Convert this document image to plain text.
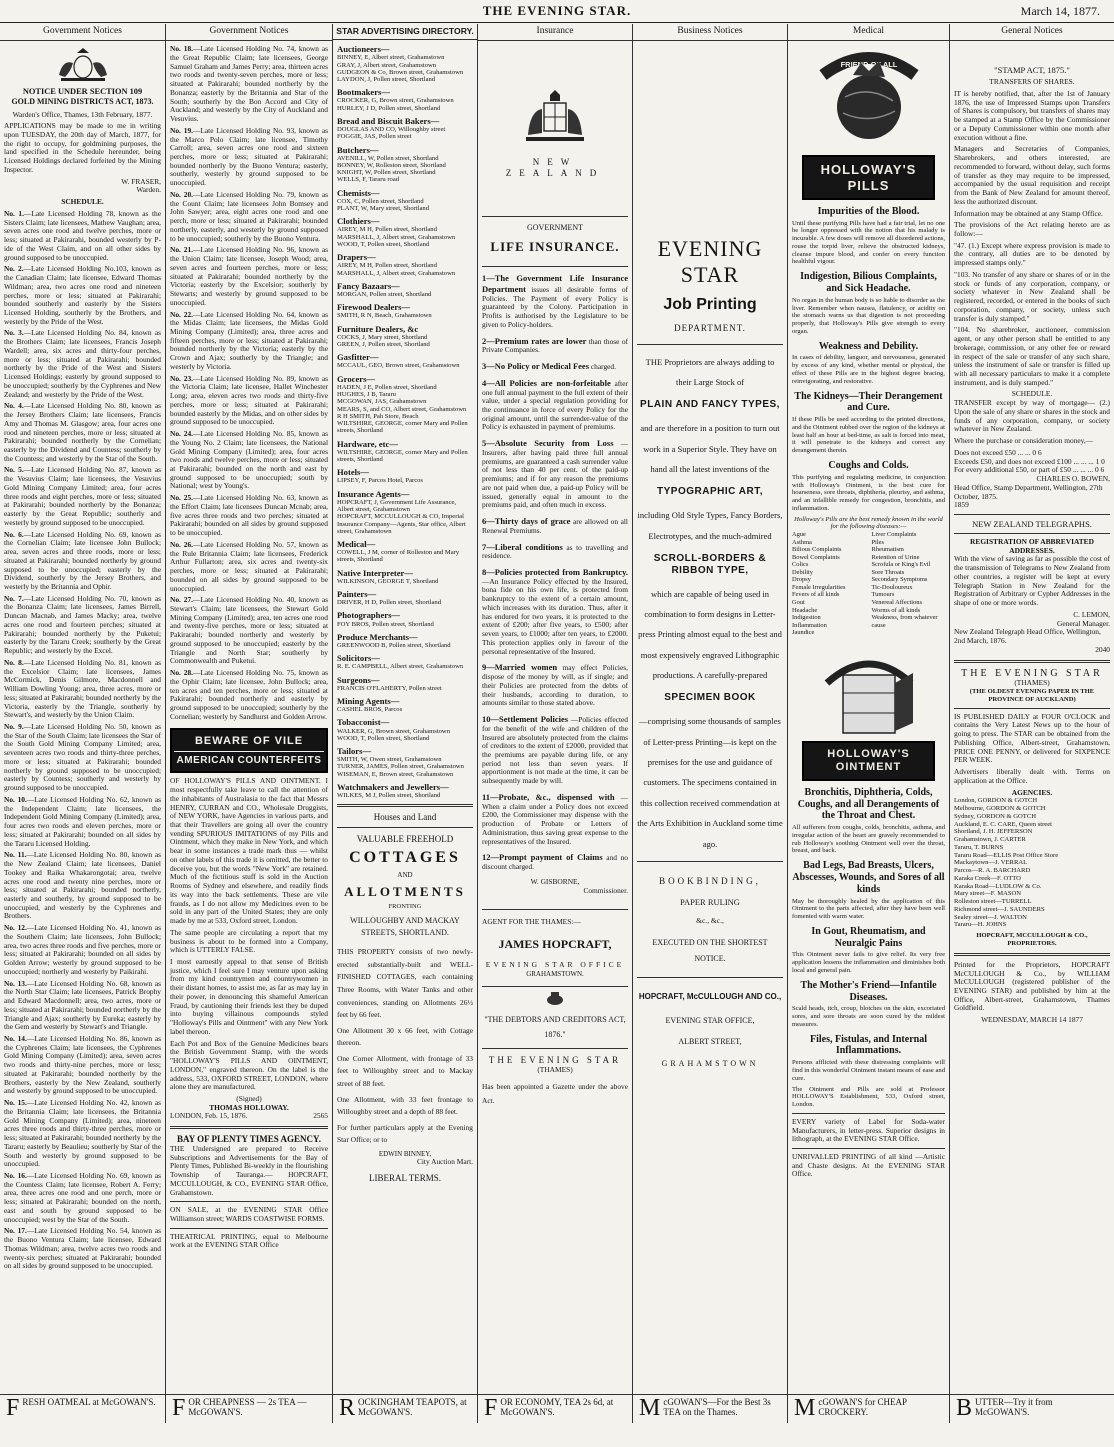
THE EVENING STAR.	March 14, 1877.
Government Notices
NOTICE UNDER SECTION 109
GOLD MINING DISTRICTS ACT, 1873.
Warden's Office, Thames, 13th February, 1877.

APPLICATIONS may be made to me in writing upon TUESDAY, the 20th day of March, 1877, for the right to occupy, for goldmining purposes, the land specified in the Schedule hereunder, being Licensed Holdings declared forfeited by the Mining Inspector.

W. FRASER,
Warden.
SCHEDULE.

No. 1.—Late Licensed Holding 78, known as the Sisters Claim; late licensees, Mathew Vaughan; area, seven acres one rood and twelve perches, more or less; situated at Pakirarahi, bounded westerly by P-ide of the West Claim, and on all other sides by ground supposed to be unoccupied.

No. 2.—Late Licensed Holding No.103, known as the Canadian Claim; late licensee, Edward Thomas Wildman; area, two acres one rood and nineteen perches, more or less; situated at Pakirarahi; bounded southerly and easterly by the Sisters Licensed Holding, southerly by the Brothers, and westerly by the Pride of the West.

No. 3.—Late Licensed Holding No. 84, known as the Brothers Claim; late licensees, Francis Joseph Wardell; area, six acres and thirty-four perches, more or less; situated at Pakirarahi; bounded northerly by the Pride of the West and Sisters Licensed Holdings; easterly by ground supposed to be unoccupied; southerly by the Cyphrenes and New Zealand; and westerly by the Pride of the West.

No. 4.—Late Licensed Holding No. 80, known as the Jersey Brothers Claim; late licensees, Francis Amy and Thomas M. Glasgow; area, four acres one rood and nineteen perches, more or less; situated at Pakirarahi; bounded northerly by the Cornelian; easterly by the Dividend and Countess; southerly by the Countess; and westerly by the Star of the South.

No. 5.—Late Licensed Holding No. 87, known as the Vesuvius Claim; late licensees, the Vesuvius Gold Mining Company Limited; area, four acres three roods and eight perches, more or less; situated at Pakirarahi; bounded northerly by the Bonanza; easterly by the Great Republic; southerly and westerly by ground supposed to be unoccupied.

No. 6.—Late Licensed Holding No. 69, known as the Cornelian Claim; late licensee John Bullock; area, seven acres and three roods, more or less; situated at Pakirarahi; bounded northerly by ground supposed to be unoccupied; easterly by the Dividend, southerly by the Jersey Brothers, and westerly by the Britannia and Ophir.

No. 7.—Late Licensed Holding No. 70, known as the Bonanza Claim; late licensees, James Birrell, Duncan Macnab, and James Macky; area, twelve acres one rood and fourteen perches; situated at Pakirarahi; bounded northerly by the Puketui; easterly by the Tararu Creek; southerly by the Great Republic; and westerly by the Excel.

No. 8.—Late Licensed Holding No. 81, known as the Excelsior Claim; late licensees, James McCormick, Denis Gilmore, Macdonnell and William Dowling Young; area, three acres, more or less; situated at Pakirarahi; bounded northerly by the Victoria, easterly by the Triangle, southerly by Stewart's, and westerly by the Union Claim.

No. 9.—Late Licensed Holding No. 50, known as the Star of the South Claim; late licensees the Star of the South Gold Mining Company Limited; area, seventeen acres two roods and thirty-three perches, more or less; situated at Pakirarahi; bounded northerly by ground supposed to be unoccupied; easterly by Countess; southerly and westerly by ground supposed to be unoccupied.

No. 10.—Late Licensed Holding No. 62, known as the Independent Claim; late licensees, the Independent Gold Mining Company (Limited); area, four acres two roods and eleven perches, more or less; situated at Pakirarahi; bounded on all sides by the Tararu Licensed Holding.

No. 11.—Late Licensed Holding No. 80, known as the New Zealand Claim; late licensees, Daniel Tookey and Raika Whakarongotai; area, twelve acres one rood and twenty nine perches, more or less; situated at Pakirarahi; bounded northerly, easterly and southerly, by ground supposed to be unoccupied, and westerly by the Cyphrenes and Brothers.

No. 12.—Late Licensed Holding No. 41, known as the Southern Claim; late licensees, John Bullock; area, two acres three roods and five perches, more or less; situated at Pakirarahi; bounded on all sides by Golden Arrow; westerly by ground supposed to be unoccupied; northerly and westerly by Paikirahi.

No. 13.—Late Licensed Holding No. 68, known as the North Star Claim; late licensees, Patrick Brophy and Edward Macdonnell; area, two acres, more or less; situated at Pakirarahi; bounded northerly by the Triangle and Ajax; southerly by Eureka; easterly by the Gem and westerly by Stewart's and Triangle.

No. 14.—Late Licensed Holding No. 86, known as the Cyphrenes Claim; late licensees, the Cyphrenes Gold Mining Company (Limited); area, seven acres two roods and thirty-nine perches, more or less; situated at Pakirarahi; bounded northerly by the Brothers, easterly by the New Zealand, southerly and westerly by ground supposed to be unoccupied.

No. 15.—Late Licensed Holding No. 42, known as the Britannia Claim; late licensees, the Britannia Gold Mining Company (Limited); area, nineteen acres three roods and thirty-three perches, more or less; situated at Pakirarahi; bounded northerly by the Tararu; easterly by Beaulieu; southerly by Star of the South and westerly by ground supposed to be unoccupied.

No. 16.—Late Licensed Holding No. 69, known as the Countess Claim; late licensee, Robert A. Ferry; area, three acres one rood and one perch, more or less; situated at Pakirarahi; bounded on the north, east and south by ground supposed to be unoccupied; west by the Star of the South.

No. 17.—Late Licensed Holding No. 54, known as the Buono Ventura Claim; late licensee, Edward Thomas Wildman; area, twelve acres two roods and twenty-six perches; situated at Pakirarahi; bounded on all sides by ground supposed to be unoccupied.

Government Notices

No. 18.—Late Licensed Holding No. 74, known as the Great Republic Claim; late licensees, George Samuel Graham and James Perry; area, thirteen acres two roods and twenty-seven perches, more or less; situated at Pakirarahi; bounded northerly by the Bonanza; easterly by the Britannia and Star of the South; southerly by the Bon Accord and City of Auckland; and westerly by the City of Auckland and Vesuvius.

No. 19.—Late Licensed Holding No. 93, known as the Marco Polo Claim; late licensee, Timothy Carroll; area, seven acres one rood and sixteen perches, more or less; situated at Pakirarahi; bounded northerly by the Buono Ventura; easterly, southerly, westerly by ground supposed to be unoccupied.

No. 20.—Late Licensed Holding No. 79, known as the Count Claim; late licensees John Bomsey and John Sawyer; area, eight acres one rood and one perch, more or less; situated at Pakirarahi; bounded northerly, easterly, and westerly by ground supposed to be unoccupied; southerly by the Buono Ventura.

No. 21.—Late Licensed Holding No. 96, known as the Union Claim; late licensee, Joseph Wood; area, seven acres and fourteen perches, more or less; situated at Pakirarahi; bounded northerly by the Victoria; easterly by the Excelsior; southerly by Stewarts; and westerly by ground supposed to be unoccupied.

No. 22.—Late Licensed Holding No. 64, known as the Midas Claim; late licensees, the Midas Gold Mining Company (Limited); area, three acres and fifteen perches, more or less; situated at Pakirarahi; bounded northerly by the Victoria; easterly by the Crown and Ajax; southerly by the Triangle; and westerly by Victoria.

No. 23.—Late Licensed Holding No. 89, known as the Victoria Claim; late licensee, Hallet Winchester Long; area, eleven acres two roods and thirty-five perches, more or less; situated at Pakirarahi; bounded easterly by the Midas, and on other sides by ground supposed to be unoccupied.

No. 24.—Late Licensed Holding No. 85, known as the Young No. 2 Claim; late licensees, the National Gold Mining Company (Limited); area, four acres two roods and twelve perches, more or less; situated at Pakirarahi; bounded on the north and east by ground supposed to be unoccupied; south by National; west by Young's.

No. 25.—Late Licensed Holding No. 63, known as the Effort Claim; late licensees Duncan Mcnab; area, five acres three roods and two perches; situated at Pakirarahi; bounded on all sides by ground supposed to be unoccupied.

No. 26.—Late Licensed Holding No. 57, known as the Rule Britannia Claim; late licensees, Frederick Arthur Fullarton; area, six acres and twenty-six perches, more or less; situated at Pakirarahi; bounded on all sides by ground supposed to be unoccupied.

No. 27.—Late Licensed Holding No. 40, known as Stewart's Claim; late licensees, the Stewart Gold Mining Company (Limited); area, ten acres one rood and twenty-five perches, more or less; situated at Pakirarahi; bounded northerly and westerly by ground supposed to be unoccupied; easterly by the Triangle and North Star; southerly by Commonwealth and Puketui.

No. 28.—Late Licensed Holding No. 75, known as the Ophir Claim; late licensee, John Bullock; area, ten acres and ten perches, more or less; situated at Pakirarahi; bounded northerly and easterly by ground supposed to be unoccupied; southerly by the Cornelian; westerly by Sandhurst and Golden Arrow.

BEWARE OF VILE
AMERICAN COUNTERFEITS

OF HOLLOWAY'S PILLS AND OINTMENT. I most respectfully take leave to call the attention of the inhabitants of Australasia to the fact that Messrs HENRY, CURRAN and CO., Wholesale Druggists, of NEW YORK, have Agencies in various parts, and that their Travellers are going all over the country vending SPURIOUS IMITATIONS of my Pills and Ointment, which they make in New York, and which bear in some instances a trade mark thus — whilst on other labels of this trade it is omitted, the better to deceive you, but the words "New York" are retained. Much of the fictitious stuff is sold in the Auction Rooms of Sydney and elsewhere, and readily finds its way into the back settlements. These are vile frauds, as I do not allow my Medicines even to be sold in any part of the United States; they are only made by me at 533, Oxford street, London.

The same people are circulating a report that my business is about to be formed into a Company, which is UTTERLY FALSE.

I most earnestly appeal to that sense of British justice, which I feel sure I may venture upon asking from my kind countrymen and countrywomen in their distant homes, to assist me, as far as may lay in their power, in denouncing this shameful American Fraud, by cautioning their friends lest they be duped into buying villainous compounds styled "Holloway's Pills and Ointment" with any New York label thereon.

Each Pot and Box of the Genuine Medicines bears the British Government Stamp, with the words "HOLLOWAY'S PILLS AND OINTMENT, LONDON," engraved thereon. On the label is the address, 533, OXFORD STREET, LONDON, where alone they are manufactured.

(Signed)
THOMAS HOLLOWAY.
LONDON, Feb. 15, 1876.	2565
BAY OF PLENTY TIMES AGENCY.

THE Undersigned are prepared to Receive Subscriptions and Advertisements for the Bay of Plenty Times, Published Bi-weekly in the flourishing Township of Tauranga.— HOPCRAFT, MCCULLOUGH, & CO., EVENING STAR Office, Grahamstown.

ON SALE, at the EVENING STAR Office Williamson street; WARDS COASTWISE FORMS.

THEATRICAL PRINTING, equal to Melbourne work at the EVENING STAR Office

STAR ADVERTISING DIRECTORY.
Auctioneers—
BINNEY, E, Albert street, Grahamstown
GRAY, J, Albert street, Grahamstown
GUDGEON & Co, Brown street, Grahamstown
LAYDON, J, Pollen street, Shortland
Bootmakers—
CROCKER, G, Brown street, Grahamstown
HURLEY, J D, Pollen street, Shortland
Bread and Biscuit Bakers—
DOUGLAS AND CO, Willoughby street
FOGGIE, JAS, Pollen street
Butchers—
AVENILL, W, Pollen street, Shortland
BONNEY, W, Rolleston street, Shortland
KNIGHT, W, Pollen street, Shortland
WELLS, F, Tararu road
Chemists—
COX, C, Pollen street, Shortland
PLANT, W, Mary street, Shortland
Clothiers—
AIREY, M H, Pollen street, Shortland
MARSHALL, J, Albert street, Grahamstown
WOOD, T, Pollen street, Shortland
Drapers—
AIREY, M H, Pollen street, Shortland
MARSHALL, J, Albert street, Grahamstown
Fancy Bazaars—
MORGAN, Pollen street, Shortland
Firewood Dealers—
SMITH, R N, Beach, Grahamstown
Furniture Dealers, &c
COCKS, J, Mary street, Shortland
GREEN, J, Pollen street, Shortland
Gasfitter—
MCCAUL, GEO, Brown street, Grahamstown
Grocers—
HADEN, J E, Pollen street, Shortland
HUGHES, J B, Tararu
MCGOWAN, JAS, Grahamstown
MEARS, S, and CO, Albert street, Grahamstown
R H SMITH, Pah Store, Beach
WILTSHIRE, GEORGE, corner Mary and Pollen streets, Shortland
Hardware, etc—
WILTSHIRE, GEORGE, corner Mary and Pollen streets, Shortland
Hotels—
LIPSEY, F, Parcos Hotel, Parcos
Insurance Agents—
HOPCRAFT, J, Government Life Assurance, Albert street, Grahamstown
HOPCRAFT, MCCULLOUGH & CO, Imperial Insurance Company—Agents, Star office, Albert street, Grahamstown
Medical—
COWELL, J M, corner of Rolleston and Mary streets, Shortland
Native Interpreter—
WILKINSON, GEORGE T, Shortland
Painters—
DRIVER, H D, Pollen street, Shortland
Photographers—
FOY BROS, Pollen street, Shortland
Produce Merchants—
GREENWOOD B, Pollen street, Shortland
Solicitors—
R. E. CAMPBELL, Albert street, Grahamstown
Surgeons—
FRANCIS O'FLAHERTY, Pollen street
Mining Agents—
CASHEL BROS, Parcos
Tobacconist—
WALKER, G, Brown street, Grahamstown
WOOD, T, Pollen street, Shortland
Tailors—
SMITH, W, Owen street, Grahamstown
TURNER, JAMES, Pollen street, Grahamstown
WISEMAN, E, Brown street, Grahamstown
Watchmakers and Jewellers—
WILKES, M J, Pollen street, Shortland
Houses and Land
VALUABLE FREEHOLD
COTTAGES
AND
ALLOTMENTS
FRONTING
WILLOUGHBY AND MACKAY STREETS, SHORTLAND.

THIS PROPERTY consists of two newly-erected substantially-built and WELL-FINISHED COTTAGES, each containing Three Rooms, with Water Tanks and other conveniences, standing on Allotments 26½ feet by 66 feet.

One Allotment 30 x 66 feet, with Cottage thereon.

One Corner Allotment, with frontage of 33 feet to Willoughby street and to Mackay street of 88 feet.

One Allotment, with 33 feet frontage to Willoughby street and a depth of 88 feet.

For further particulars apply at the Evening Star Office; or to

EDWIN BINNEY,
City Auction Mart.
LIBERAL TERMS.
Insurance
NEW ZEALAND
GOVERNMENT
LIFE INSURANCE.

1—The Government Life Insurance Department issues all desirable forms of Policies. The Payment of every Policy is guaranteed by the Colony. Participation in Profits is authorised by the Legislature to be given to Policy-holders.

2—Premium rates are lower than those of Private Companies.

3—No Policy or Medical Fees charged.

4—All Policies are non-forfeitable after one full annual payment to the full extent of their value, under a special regulation providing for the continuance in force of every Policy for the original amount, until the surrender-value of the Policy is exhausted in payment of premiums.

5—Absolute Security from Loss —Insurers, after having paid three full annual premiums, are guaranteed a cash surrender value of not less than 40 per cent. of the paid-up premiums; and if for any reason the premiums are not paid when due, a paid-up Policy will be issued, generally equal in amount to the premiums paid, and often much in excess.

6—Thirty days of grace are allowed on all Renewal Premiums.

7—Liberal conditions as to travelling and residence.

8—Policies protected from Bankruptcy. —An Insurance Policy effected by the Insured, bona fide on his own life, is protected from bankruptcy to the extent of a certain amount, which increases with its duration. Thus, after it has endured for two years, it is protected to the extent of £200; after five years, to £500; after seven years, to £1000; after ten years, to £2000. This protection applies only in favour of the personal representative of the Insured.

9—Married women may effect Policies, dispose of the money by will, as if single; and their Policies are protected from the debts of their husbands, according to duration, to amounts similar to those stated above.

10—Settlement Policies —Policies effected for the benefit of the wife and children of the Insured are absolutely protected from the claims of creditors to the extent of £2000, provided that the premiums are payable during life, or any period not less than seven years. If apportionment is not made at the time, it can be subsequently made by will.

11—Probate, &c., dispensed with —When a claim under a Policy does not exceed £200, the Commissioner may dispense with the production of Probate or Letters of Administration, thus saving great expense to the representatives of the Insured.

12—Prompt payment of Claims and no discount charged.

W. GISBORNE,
Commissioner.
AGENT FOR THE THAMES:—
JAMES HOPCRAFT,
EVENING STAR OFFICE
GRAHAMSTOWN.
"THE DEBTORS AND CREDITORS ACT, 1876."
THE EVENING STAR
(THAMES)

Has been appointed a Gazette under the above Act.

Business Notices
EVENING STAR
Job Printing
DEPARTMENT.
THE Proprietors are always adding to their Large Stock of
PLAIN AND FANCY TYPES,
and are therefore in a position to turn out work in a Superior Style. They have on hand all the latest inventions of the
TYPOGRAPHIC ART,
including Old Style Types, Fancy Borders, Electrotypes, and the much-admired
SCROLL-BORDERS & RIBBON TYPE,
which are capable of being used in combination to form designs in Letter-press Printing almost equal to the best and most expensively engraved Lithographic productions. A carefully-prepared
SPECIMEN BOOK
—comprising some thousands of samples of Letter-press Printing—is kept on the premises for the use and guidance of customers. The specimens contained in this collection received commendation at the Arts Exhibition in Auckland some time ago.
BOOKBINDING,
PAPER RULING
&c., &c.,
EXECUTED ON THE SHORTEST NOTICE.
HOPCRAFT, McCULLOUGH AND CO.,
EVENING STAR OFFICE,
ALBERT STREET,
GRAHAMSTOWN
Medical
FRIEND OF ALL
HOLLOWAY'S PILLS
Impurities of the Blood.

Until these purifying Pills have had a fair trial, let no one be longer oppressed with the notion that his malady is incurable. A few doses will remove all disordered actions, rouse the torpid liver, relieve the obstructed kidneys, cleanse impure blood, and confer on every function healthful vigour.

Indigestion, Bilious Complaints, and Sick Headache.

No organ in the human body is so liable to disorder as the liver. Remember when nausea, flatulency, or acidity on the stomach warns us that digestion is not proceeding properly, that Holloway's Pills give strength to every organ.

Weakness and Debility.

In cases of debility, languor, and nervousness, generated by excess of any kind, whether mental or physical, the effect of these Pills are in the highest degree bracing, reinvigorating, and restorative.

The Kidneys—Their Derangement and Cure.

If these Pills be used according to the printed directions, and the Ointment rubbed over the region of the kidneys at least half an hour at bed-time, as salt is forced into meat, it will penetrate to the kidneys and correct any derangement therein.

Coughs and Colds.

This purifying and regulating medicine, in conjunction with Holloway's Ointment, is the best cure for hoarseness, sore throats, diphtheria, pleurisy, and asthma, and an infallible remedy for congestion, bronchitis, and inflammation.

Holloway's Pills are the best remedy known in the world for the following diseases:—
Ague
Asthma
Bilious Complaints
Bowel Complaints
Colics
Debility
Dropsy
Female Irregularities
Fevers of all kinds
Gout
Headache
Indigestion
Inflammation
Jaundice
Liver Complaints
Piles
Rheumatism
Retention of Urine
Scrofula or King's Evil
Sore Throats
Secondary Symptoms
Tic-Douloureux
Tumours
Venereal Affections
Worms of all kinds
Weakness, from whatever cause
HOLLOWAY'S OINTMENT
Bronchitis, Diphtheria, Colds, Coughs, and all Derangements of the Throat and Chest.

All sufferers from coughs, colds, bronchitis, asthma, and irregular action of the heart are gravely recommended to rub Holloway's soothing Ointment well over the throat, breast, and back.

Bad Legs, Bad Breasts, Ulcers, Abscesses, Wounds, and Sores of all kinds

May be thoroughly healed by the application of this Ointment to the parts affected, after they have been well fomented with warm water.

In Gout, Rheumatism, and Neuralgic Pains

This Ointment never fails to give relief. Its very free application lessens the inflammation and diminishes both local and general pain.

The Mother's Friend—Infantile Diseases.

Scald heads, itch, croup, blotches on the skin, excoriated sores, and sore throats are soon cured by the mildest measures.

Files, Fistulas, and Internal Inflammations.

Persons afflicted with these distressing complaints will find in this wonderful Ointment instant means of ease and cure.

The Ointment and Pills are sold at Professor HOLLOWAY'S Establishment, 533, Oxford street, London.

EVERY variety of Label for Soda-water Manufacturers, in letter-press. Superior designs in lithograph, at the EVENING STAR Office.

UNRIVALLED PRINTING of all kind —Artistic and Chaste designs. At the EVENING STAR Office.

General Notices
"STAMP ACT, 1875."
TRANSFERS OF SHARES.

IT is hereby notified, that, after the 1st of January 1876, the use of Impressed Stamps upon Transfers of Shares is compulsory, but transfers of shares may be stamped at a Stamp Office by the Commissioner or a Deputy Commissioner within one month after execution without a fine.

Managers and Secretaries of Companies, Sharebrokers, and others interested, are recommended to forward, without delay, such forms of transfer as they may require to be impressed, accompanied by the usual requisition and receipt from the Bank of New Zealand for amount thereof, less the authorized discount.

Information may be obtained at any Stamp Office.

The provisions of the Act relating hereto are as follow:—

"47. (1.) Except where express provision is made to the contrary, all duties are to be denoted by impressed stamps only."

"103. No transfer of any share or shares of or in the stock or funds of any corporation, company, or society whatever in New Zealand shall be registered, recorded, or entered in the books of such corporation, company, or society, unless such transfer is duly stamped."

"104. No sharebroker, auctioneer, commission agent, or any other person shall be entitled to any brokerage, commission, or any other fee or reward in respect of the sale or transfer of any such share, unless the instrument of sale or transfer is filled up with all necessary particulars to make it a complete instrument, and is duly stamped."

SCHEDULE.

TRANSFER except by way of mortgage— (2.) Upon the sale of any share or shares in the stock and funds of any corporation, company, or society whatever in New Zealand.

Where the purchase or consideration money,—

Does not exceed £50 ... ... 0 6
Exceeds £50, and does not exceed £100 ... ... ... 1 0
For every additional £50, or part of £50 ... ... ... 0 6
CHARLES O. BOWEN,
Head Office, Stamp Department, Wellington, 27th October, 1875.
1859
NEW ZEALAND TELEGRAPHS.
REGISTRATION OF ABBREVIATED ADDRESSES.

With the view of saving as far as possible the cost of the transmission of Telegrams to New Zealand from other countries, a register will be kept at every Telegraph Station in New Zealand for the Registration of Arbitrary or Cypher Addresses in the shape of one or more words.

C. LEMON,
General Manager.
New Zealand Telegraph Head Office, Wellington, 2nd March, 1876.
2040
THE EVENING STAR
(THAMES)
(THE OLDEST EVENING PAPER IN THE PROVINCE OF AUCKLAND)

IS PUBLISHED DAILY at FOUR O'CLOCK and contains the Very Latest News up to the hour of going to press. The STAR can be obtained from the Publishing Office, Albert-street, Grahamstown, PRICE ONE PENNY, or delivered for SIXPENCE PER WEEK.

Advertisers liberally dealt with. Terms on application at the Office.

AGENCIES.
London, GORDON & GOTCH
Melbourne, GORDON & GOTCH
Sydney, GORDON & GOTCH
Auckland, E. C. CARE, Queen street
Shortland, J. H. JEFFERSON
Grahamstown, J. CARTER
Tararu, T. BURNS
Tararu Road—ELLIS Post Office Store
Mackaytown—J. VERRAL
Parcos—R. A. BARCHARD
Karaka Creek—F. OTTO
Karaka Road—LUDLOW & Co.
Mary street—F. MASON
Rolleston street—TURRELL
Richmond street—J. SAUNDERS
Sealey street—J. WALTON
Tararu—H. JOHNS
HOPCRAFT, MCCULLOUGH & CO., PROPRIETORS.

Printed for the Proprietors, HOPCRAFT McCULLOUGH & Co., by WILLIAM McCULLOUGH (registered publisher of the EVENING STAR) and published by him at the Office, Albert-street, Grahamstown, Thames Goldfield.

WEDNESDAY, MARCH 14 1877
FRESH OATMEAL at McGOWAN'S. FOR CHEAPNESS — 2s TEA — McGOWAN'S.	ROCKINGHAM TEAPOTS, at McGOWAN'S.	FOR ECONOMY, TEA 2s 6d, at McGOWAN'S.	McGOWAN'S—For the Best 3s TEA on the Thames.	McGOWAN'S for CHEAP CROCKERY.	BUTTER—Try it from McGOWAN'S.
